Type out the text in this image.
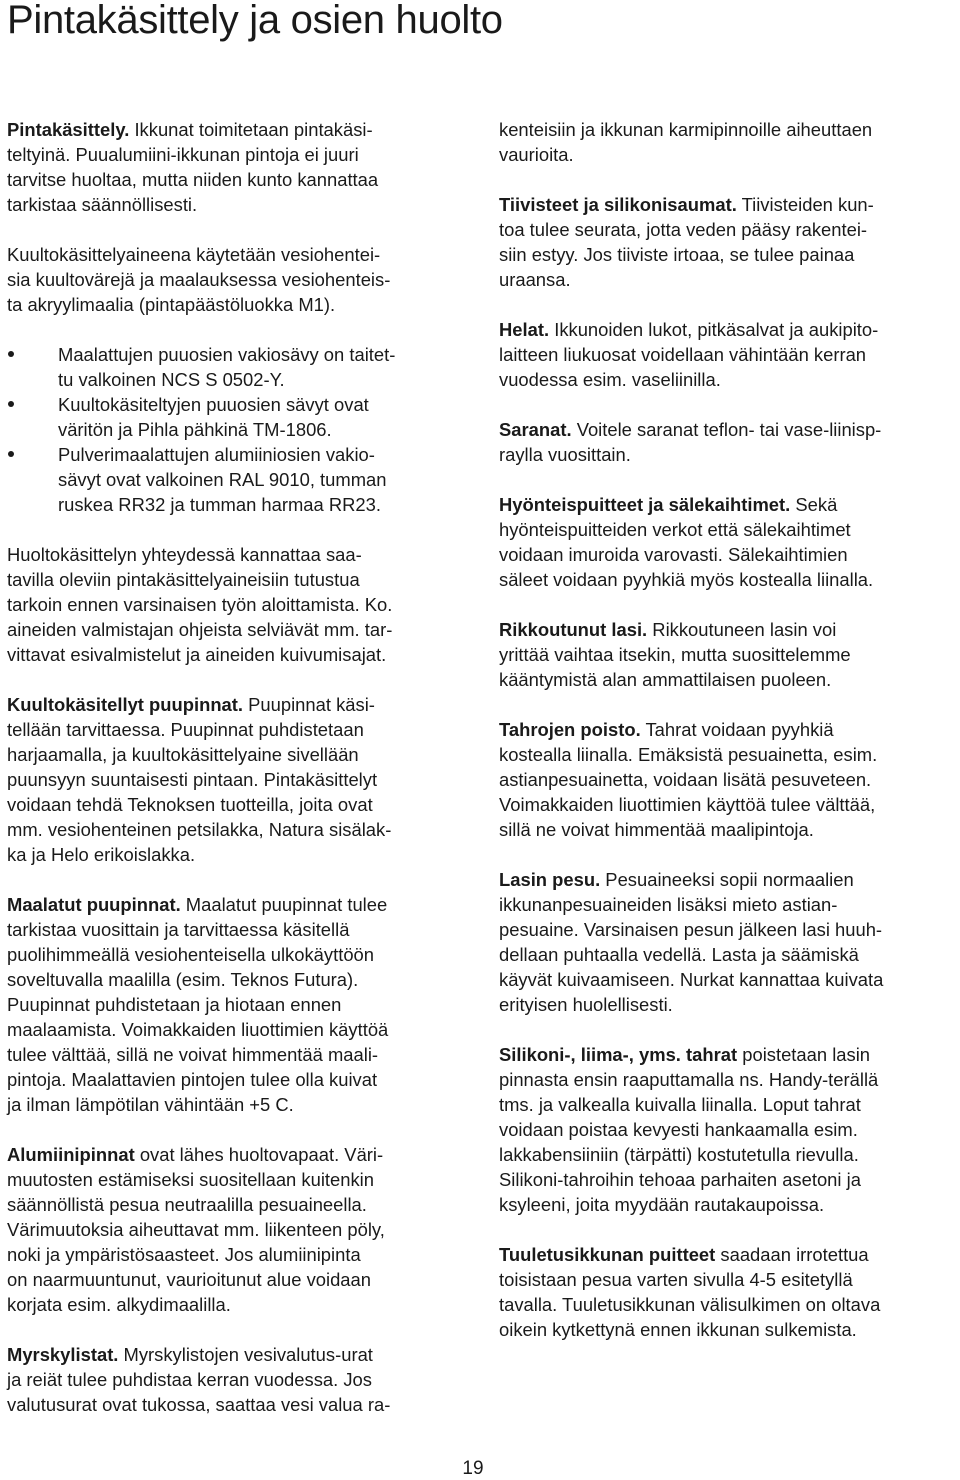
Pintakäsittely ja osien huolto

Pintakäsittely. Ikkunat toimitetaan pintakäsi-
teltyinä. Puualumiini-ikkunan pintoja ei juuri
tarvitse huoltaa, mutta niiden kunto kannattaa
tarkistaa säännöllisesti.

Kuultokäsittelyaineena käytetään vesiohentei-
sia kuultovärejä ja maalauksessa vesiohenteis-
ta akryylimaalia (pintapäästöluokka M1).

Maalattujen puuosien vakiosävy on taitet-
tu valkoinen NCS S 0502-Y.
Kuultokäsiteltyjen puuosien sävyt ovat
väritön ja Pihla pähkinä TM-1806.
Pulverimaalattujen alumiiniosien vakio-
sävyt ovat valkoinen RAL 9010, tumman
ruskea RR32 ja tumman harmaa RR23.

Huoltokäsittelyn yhteydessä kannattaa saa-
tavilla oleviin pintakäsittelyaineisiin tutustua
tarkoin ennen varsinaisen työn aloittamista. Ko.
aineiden valmistajan ohjeista selviävät mm. tar-
vittavat esivalmistelut ja aineiden kuivumisajat.

Kuultokäsitellyt puupinnat. Puupinnat käsi-
tellään tarvittaessa. Puupinnat puhdistetaan
harjaamalla, ja kuultokäsittelyaine sivellään
puunsyyn suuntaisesti pintaan. Pintakäsittelyt
voidaan tehdä Teknoksen tuotteilla, joita ovat
mm. vesiohenteinen petsilakka, Natura sisälak-
ka ja Helo erikoislakka.

Maalatut puupinnat. Maalatut puupinnat tulee
tarkistaa vuosittain ja tarvittaessa käsitellä
puolihimmeällä vesiohenteisella ulkokäyttöön
soveltuvalla maalilla (esim. Teknos Futura).
Puupinnat puhdistetaan ja hiotaan ennen
maalaamista. Voimakkaiden liuottimien käyttöä
tulee välttää, sillä ne voivat himmentää maali-
pintoja. Maalattavien pintojen tulee olla kuivat
ja ilman lämpötilan vähintään +5 C.

Alumiinipinnat ovat lähes huoltovapaat. Väri-
muutosten estämiseksi suositellaan kuitenkin
säännöllistä pesua neutraalilla pesuaineella.
Värimuutoksia aiheuttavat mm. liikenteen pöly,
noki ja ympäristösaasteet. Jos alumiinipinta
on naarmuuntunut, vaurioitunut alue voidaan
korjata esim. alkydimaalilla.

Myrskylistat. Myrskylistojen vesivalutus-urat
ja reiät tulee puhdistaa kerran vuodessa. Jos
valutusurat ovat tukossa, saattaa vesi valua ra-

kenteisiin ja ikkunan karmipinnoille aiheuttaen
vaurioita.

Tiivisteet ja silikonisaumat. Tiivisteiden kun-
toa tulee seurata, jotta veden pääsy rakentei-
siin estyy. Jos tiiviste irtoaa, se tulee painaa
uraansa.

Helat. Ikkunoiden lukot, pitkäsalvat ja aukipito-
laitteen liukuosat voidellaan vähintään kerran
vuodessa esim. vaseliinilla.

Saranat. Voitele saranat teflon- tai vase-liinisp-
raylla vuosittain.

Hyönteispuitteet ja sälekaihtimet. Sekä
hyönteispuitteiden verkot että sälekaihtimet
voidaan imuroida varovasti. Sälekaihtimien
säleet voidaan pyyhkiä myös kostealla liinalla.

Rikkoutunut lasi. Rikkoutuneen lasin voi
yrittää vaihtaa itsekin, mutta suosittelemme
kääntymistä alan ammattilaisen puoleen.

Tahrojen poisto. Tahrat voidaan pyyhkiä
kostealla liinalla. Emäksistä pesuainetta, esim.
astianpesuainetta, voidaan lisätä pesuveteen.
Voimakkaiden liuottimien käyttöä tulee välttää,
sillä ne voivat himmentää maalipintoja.

Lasin pesu. Pesuaineeksi sopii normaalien
ikkunanpesuaineiden lisäksi mieto astian-
pesuaine. Varsinaisen pesun jälkeen lasi huuh-
dellaan puhtaalla vedellä. Lasta ja säämiskä
käyvät kuivaamiseen. Nurkat kannattaa kuivata
erityisen huolellisesti.

Silikoni-, liima-, yms. tahrat poistetaan lasin
pinnasta ensin raaputtamalla ns. Handy-terällä
tms. ja valkealla kuivalla liinalla. Loput tahrat
voidaan poistaa kevyesti hankaamalla esim.
lakkabensiiniin (tärpätti) kostutetulla rievulla.
Silikoni-tahroihin tehoaa parhaiten asetoni ja
ksyleeni, joita myydään rautakaupoissa.

Tuuletusikkunan puitteet saadaan irrotettua
toisistaan pesua varten sivulla 4-5 esitetyllä
tavalla. Tuuletusikkunan välisulkimen on oltava
oikein kytkettynä ennen ikkunan sulkemista.

19
